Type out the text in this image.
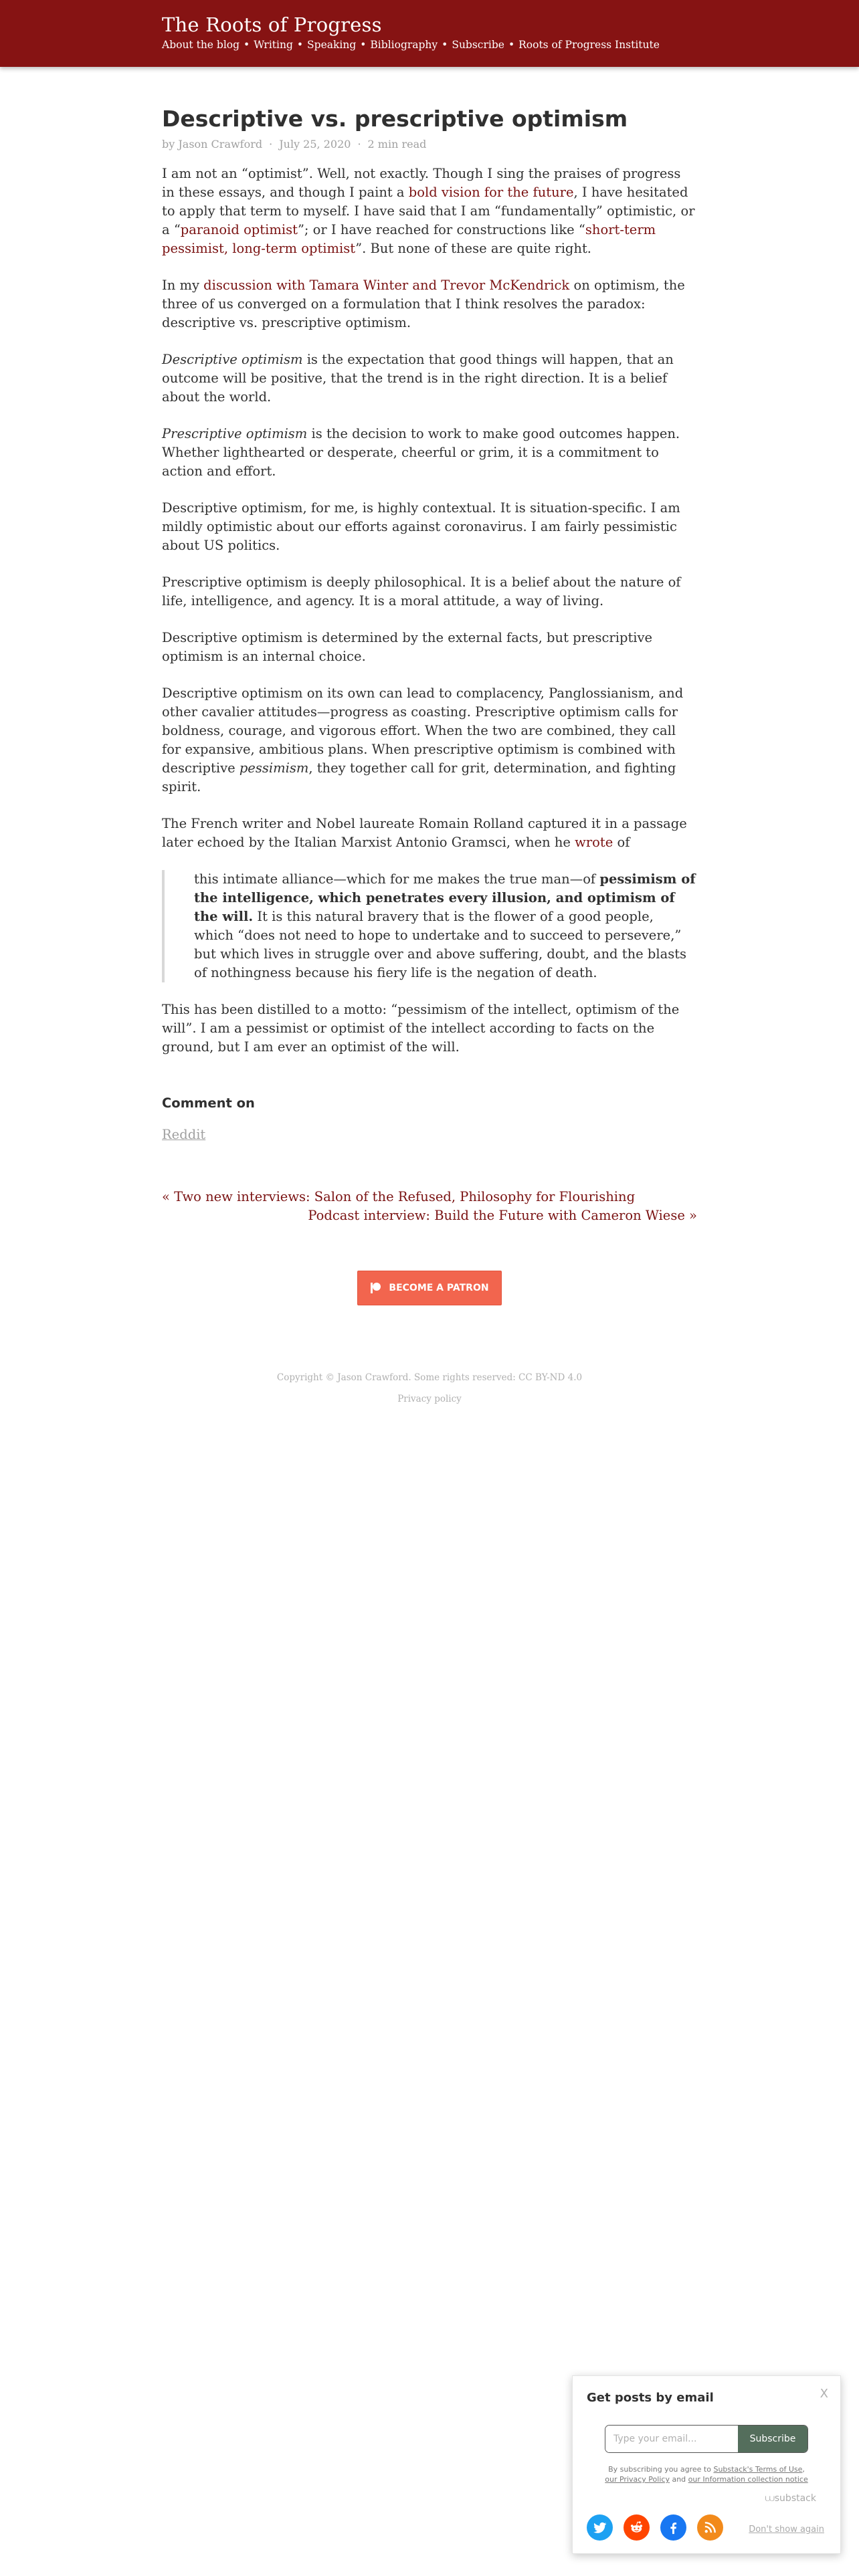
The Roots of Progress
About the blog • Writing • Speaking • Bibliography • Subscribe • Roots of Progress Institute
Descriptive vs. prescriptive optimism
by Jason Crawford · July 25, 2020 · 2 min read

I am not an “optimist”. Well, not exactly. Though I sing the praises of progress in these essays, and though I paint a bold vision for the future, I have hesitated to apply that term to myself. I have said that I am “fundamentally” optimistic, or a “paranoid optimist”; or I have reached for constructions like “short-term pessimist, long-term optimist”. But none of these are quite right.

In my discussion with Tamara Winter and Trevor McKendrick on optimism, the three of us converged on a formulation that I think resolves the paradox: descriptive vs. prescriptive optimism.

Descriptive optimism is the expectation that good things will happen, that an outcome will be positive, that the trend is in the right direction. It is a belief about the world.

Prescriptive optimism is the decision to work to make good outcomes happen. Whether lighthearted or desperate, cheerful or grim, it is a commitment to action and effort.

Descriptive optimism, for me, is highly contextual. It is situation-specific. I am mildly optimistic about our efforts against coronavirus. I am fairly pessimistic about US politics.

Prescriptive optimism is deeply philosophical. It is a belief about the nature of life, intelligence, and agency. It is a moral attitude, a way of living.

Descriptive optimism is determined by the external facts, but prescriptive optimism is an internal choice.

Descriptive optimism on its own can lead to complacency, Panglossianism, and other cavalier attitudes—progress as coasting. Prescriptive optimism calls for boldness, courage, and vigorous effort. When the two are combined, they call for expansive, ambitious plans. When prescriptive optimism is combined with descriptive pessimism, they together call for grit, determination, and fighting spirit.

The French writer and Nobel laureate Romain Rolland captured it in a passage later echoed by the Italian Marxist Antonio Gramsci, when he wrote of

this intimate alliance—which for me makes the true man—of pessimism of the intelligence, which penetrates every illusion, and optimism of the will. It is this natural bravery that is the flower of a good people, which “does not need to hope to undertake and to succeed to persevere,” but which lives in struggle over and above suffering, doubt, and the blasts of nothingness because his fiery life is the negation of death.

This has been distilled to a motto: “pessimism of the intellect, optimism of the will”. I am a pessimist or optimist of the intellect according to facts on the ground, but I am ever an optimist of the will.

Comment on
Reddit
« Two new interviews: Salon of the Refused, Philosophy for Flourishing
Podcast interview: Build the Future with Cameron Wiese »
BECOME A PATRON
Copyright © Jason Crawford. Some rights reserved: CC BY-ND 4.0
Privacy policy
Get posts by email	X
Type your email...
Subscribe
By subscribing you agree to Substack's Terms of Use,
our Privacy Policy and our Information collection notice
⩊substack
Don't show again
